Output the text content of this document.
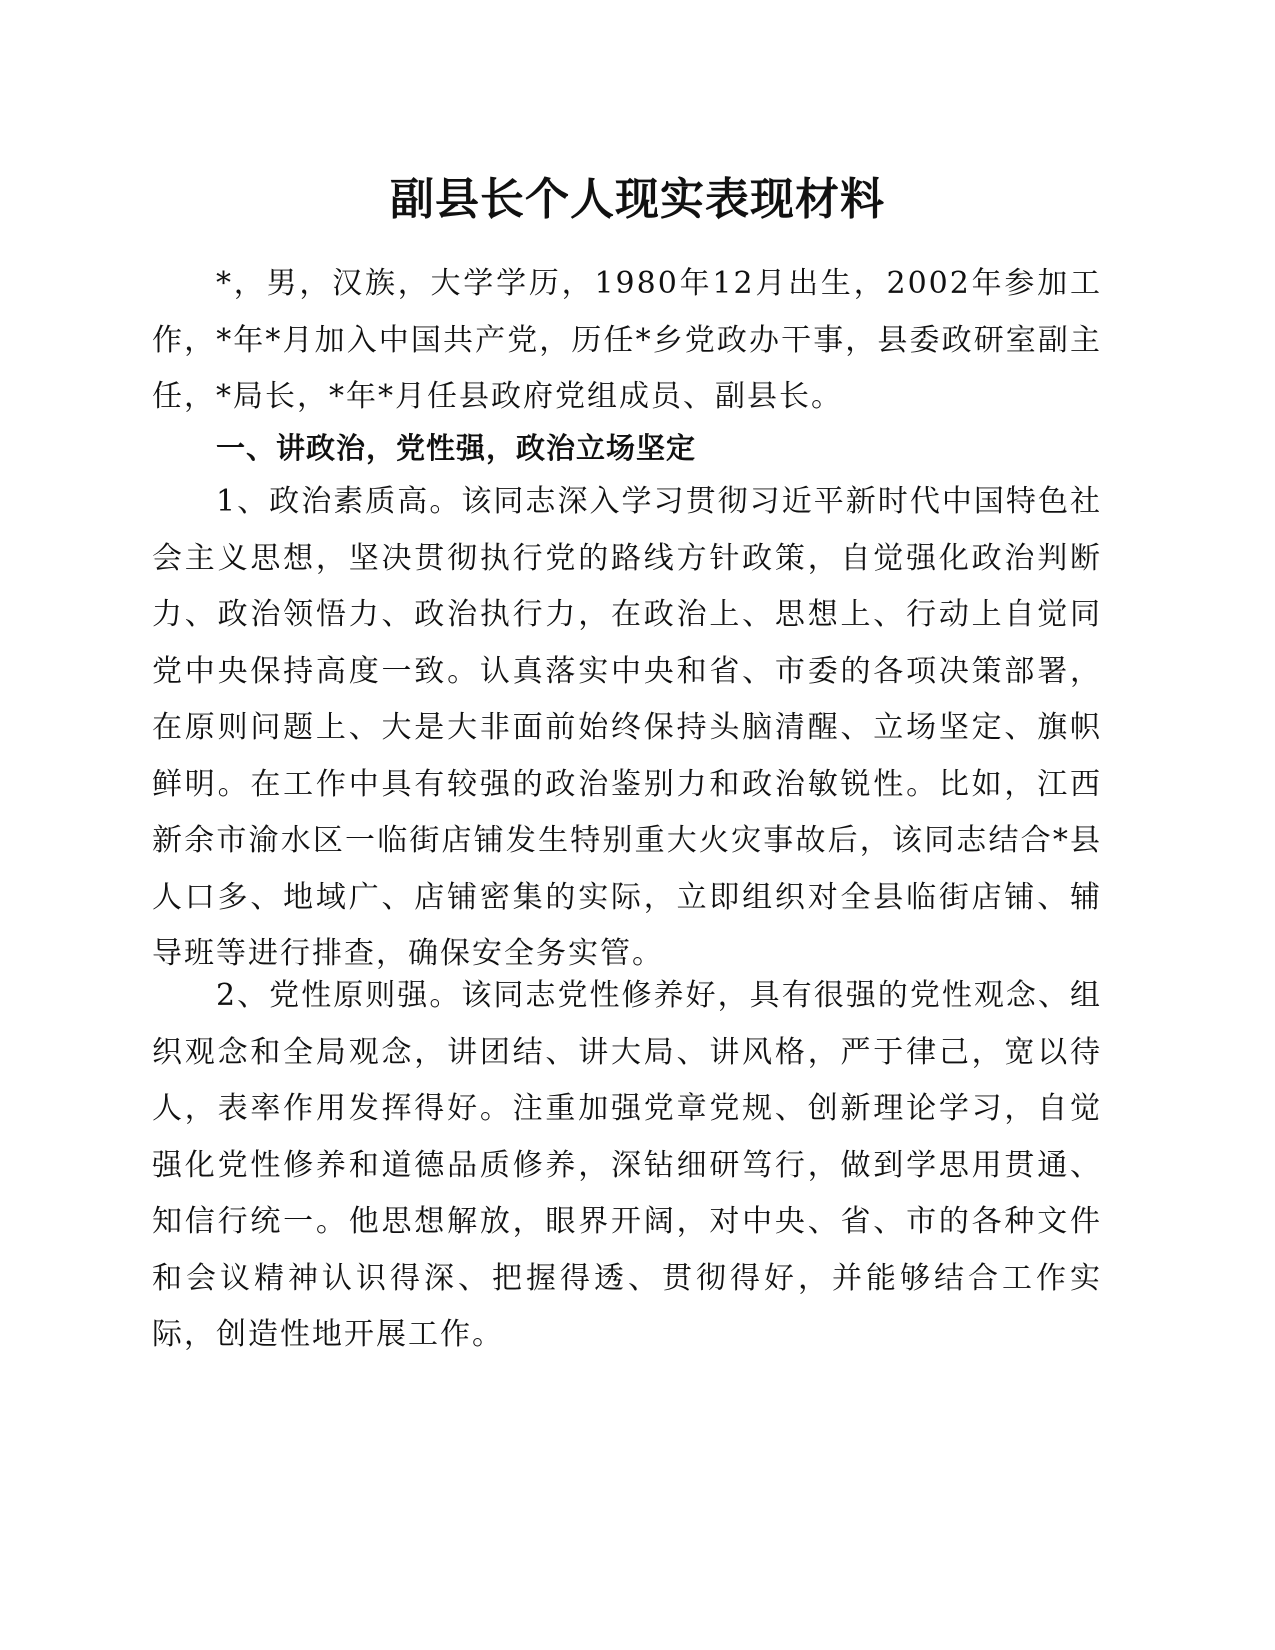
副县长个人现实表现材料

*，男，汉族，大学学历，1980年12月出生，2002年参加工作，*年*月加入中国共产党，历任*乡党政办干事，县委政研室副主任，*局长，*年*月任县政府党组成员、副县长。

一、讲政治，党性强，政治立场坚定

1、政治素质高。该同志深入学习贯彻习近平新时代中国特色社会主义思想，坚决贯彻执行党的路线方针政策，自觉强化政治判断力、政治领悟力、政治执行力，在政治上、思想上、行动上自觉同党中央保持高度一致。认真落实中央和省、市委的各项决策部署，在原则问题上、大是大非面前始终保持头脑清醒、立场坚定、旗帜鲜明。在工作中具有较强的政治鉴别力和政治敏锐性。比如，江西新余市渝水区一临街店铺发生特别重大火灾事故后，该同志结合*县人口多、地域广、店铺密集的实际，立即组织对全县临街店铺、辅导班等进行排查，确保安全务实管。

2、党性原则强。该同志党性修养好，具有很强的党性观念、组织观念和全局观念，讲团结、讲大局、讲风格，严于律己，宽以待人，表率作用发挥得好。注重加强党章党规、创新理论学习，自觉强化党性修养和道德品质修养，深钻细研笃行，做到学思用贯通、知信行统一。他思想解放，眼界开阔，对中央、省、市的各种文件和会议精神认识得深、把握得透、贯彻得好，并能够结合工作实际，创造性地开展工作。
